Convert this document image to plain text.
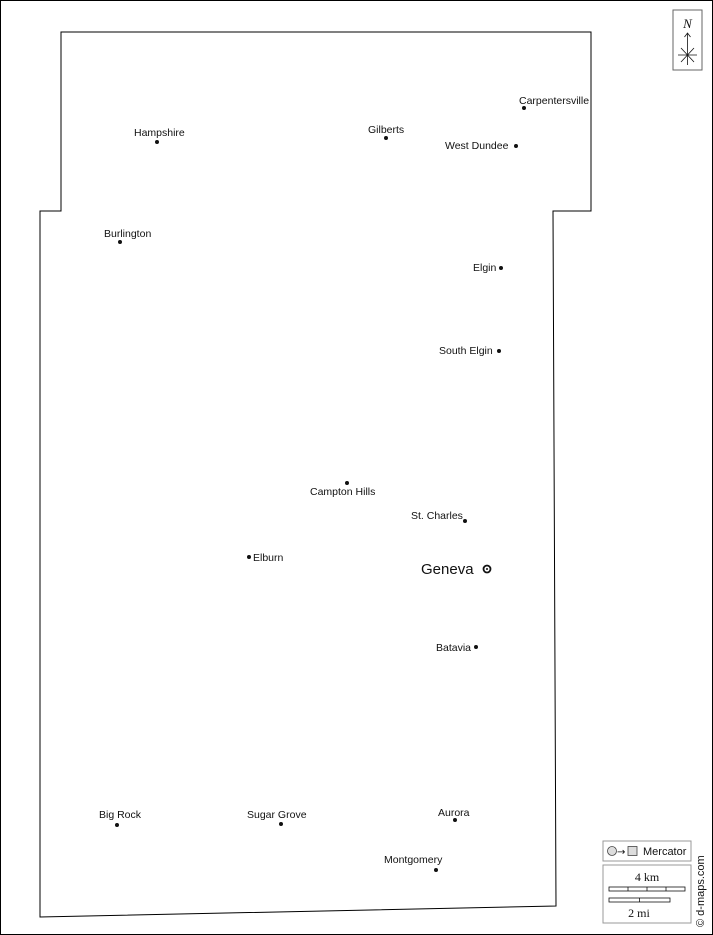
Carpentersville
Hampshire	Gilberts
West Dundee
Burlington
Elgin
South Elgin
Campton Hills
St. Charles
Elburn
Geneva
Batavia
Big Rock	Sugar Grove	Aurora
Montgomery
N
→ Mercator
4 km
2 mi	© d-maps.com
